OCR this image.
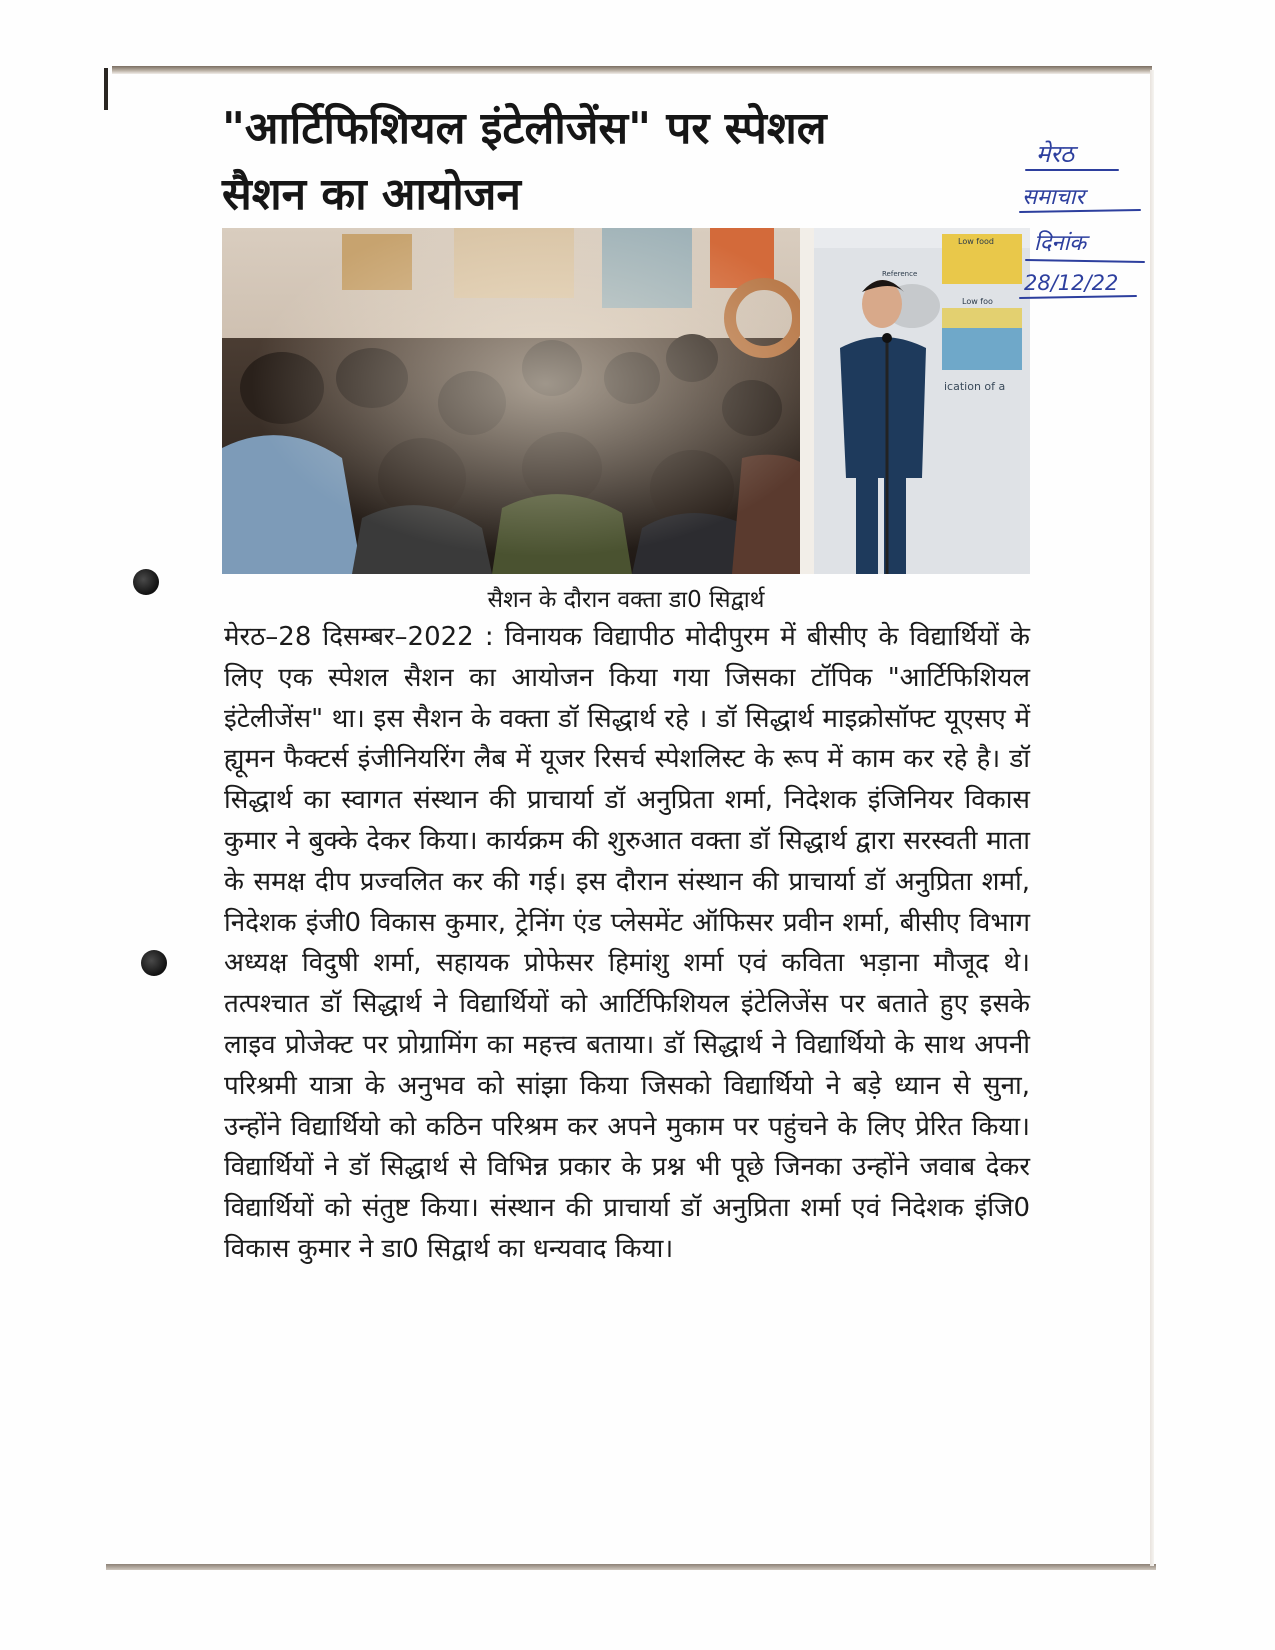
"आर्टिफिशियल इंटेलीजेंस" पर स्पेशल
सैशन का आयोजन
Low food
Reference
Low foo
ication of a

सैशन के दौरान वक्ता डा0 सिद्वार्थ

मेरठ–28 दिसम्बर–2022 : विनायक विद्यापीठ मोदीपुरम में बीसीए के विद्यार्थियों के लिए एक स्पेशल सैशन का आयोजन किया गया जिसका टॉपिक "आर्टिफिशियल इंटेलीजेंस" था। इस सैशन के वक्ता डॉ सिद्धार्थ रहे । डॉ सिद्धार्थ माइक्रोसॉफ्ट यूएसए में ह्यूमन फैक्टर्स इंजीनियरिंग लैब में यूजर रिसर्च स्पेशलिस्ट के रूप में काम कर रहे है। डॉ सिद्धार्थ का स्वागत संस्थान की प्राचार्या डॉ अनुप्रिता शर्मा, निदेशक इंजिनियर विकास कुमार ने बुक्के देकर किया। कार्यक्रम की शुरुआत वक्ता डॉ सिद्धार्थ द्वारा सरस्वती माता के समक्ष दीप प्रज्वलित कर की गई। इस दौरान संस्थान की प्राचार्या डॉ अनुप्रिता शर्मा, निदेशक इंजी0 विकास कुमार, ट्रेनिंग एंड प्लेसमेंट ऑफिसर प्रवीन शर्मा, बीसीए विभाग अध्यक्ष विदुषी शर्मा, सहायक प्रोफेसर हिमांशु शर्मा एवं कविता भड़ाना मौजूद थे। तत्पश्चात डॉ सिद्धार्थ ने विद्यार्थियों को आर्टिफिशियल इंटेलिजेंस पर बताते हुए इसके लाइव प्रोजेक्ट पर प्रोग्रामिंग का महत्त्व बताया। डॉ सिद्धार्थ ने विद्यार्थियो के साथ अपनी परिश्रमी यात्रा के अनुभव को सांझा किया जिसको विद्यार्थियो ने बड़े ध्यान से सुना, उन्होंने विद्यार्थियो को कठिन परिश्रम कर अपने मुकाम पर पहुंचने के लिए प्रेरित किया। विद्यार्थियों ने डॉ सिद्धार्थ से विभिन्न प्रकार के प्रश्न भी पूछे जिनका उन्होंने जवाब देकर विद्यार्थियों को संतुष्ट किया। संस्थान की प्राचार्या डॉ अनुप्रिता शर्मा एवं निदेशक इंजि0 विकास कुमार ने डा0 सिद्वार्थ का धन्यवाद किया।

मेरठ
समाचार
दिनांक
28/12/22
